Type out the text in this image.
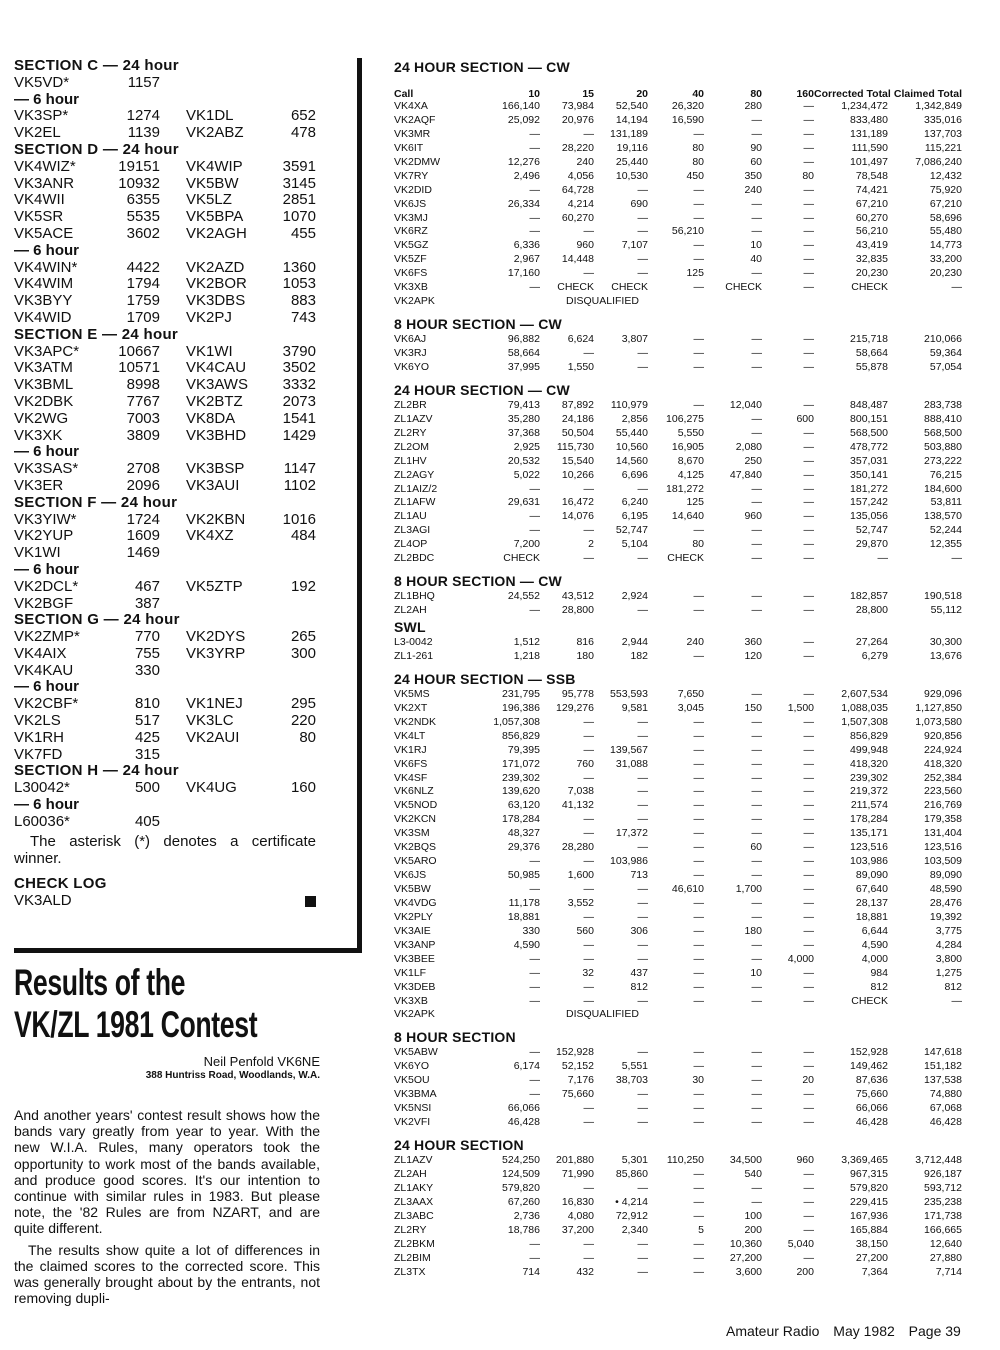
SECTION C — 24 hour
VK5VD*	1157
— 6 hour
VK3SP*	1274 VK1DL	652
VK2EL	1139 VK2ABZ	478
SECTION D — 24 hour
VK4WIZ*	19151 VK4WIP	3591
VK3ANR	10932 VK5BW	3145
VK4WII	6355 VK5LZ	2851
VK5SR	5535 VK5BPA	1070
VK5ACE	3602 VK2AGH	455
— 6 hour
VK4WIN*	4422 VK2AZD	1360
VK4WIM	1794 VK2BOR 1053
VK3BYY	1759 VK3DBS	883
VK4WID	1709 VK2PJ	743
SECTION E — 24 hour
VK3APC*	10667 VK1WI	3790
VK3ATM	10571 VK4CAU 3502
VK3BML	8998 VK3AWS 3332
VK2DBK	7767 VK2BTZ	2073
VK2WG	7003 VK8DA	1541
VK3XK	3809 VK3BHD 1429
— 6 hour
VK3SAS*	2708 VK3BSP	1147
VK3ER	2096 VK3AUI	1102
SECTION F — 24 hour
VK3YIW*	1724 VK2KBN 1016
VK2YUP	1609 VK4XZ	484
VK1WI	1469
— 6 hour
VK2DCL*	467 VK5ZTP	192
VK2BGF	387
SECTION G — 24 hour
VK2ZMP*	770 VK2DYS	265
VK4AIX	755 VK3YRP	300
VK4KAU	330
— 6 hour
VK2CBF*	810 VK1NEJ	295
VK2LS	517 VK3LC	220
VK1RH	425 VK2AUI	80
VK7FD	315
SECTION H — 24 hour
L30042*	500 VK4UG	160
— 6 hour
L60036*	405
The asterisk (*) denotes a certificate winner.
CHECK LOG
VK3ALD
Results of the
VK/ZL 1981 Contest
Neil Penfold VK6NE
388 Huntriss Road, Woodlands, W.A.

And another years' contest result shows how the bands vary greatly from year to year. With the new W.I.A. Rules, many operators took the opportunity to work most of the bands available, and produce good scores. It's our intention to continue with similar rules in 1983. But please note, the '82 Rules are from NZART, and are quite different.

The results show quite a lot of differences in the claimed scores to the corrected score. This was generally brought about by the entrants, not removing dupli-

24 HOUR SECTION — CW
Call	10	15	20	40	80	160 Corrected Total Claimed Total
VK4XA	166,140	73,984	52,540	26,320	280	—	1,234,472	1,342,849
VK2AQF	25,092	20,976	14,194	16,590	—	—	833,480	335,016
VK3MR	—	—	131,189	—	—	—	131,189	137,703
VK6IT	—	28,220	19,116	80	90	—	111,590	115,221
VK2DMW	12,276	240	25,440	80	60	—	101,497	7,086,240
VK7RY	2,496	4,056	10,530	450	350	80	78,548	12,432
VK2DID	—	64,728	—	—	240	—	74,421	75,920
VK6JS	26,334	4,214	690	—	—	—	67,210	67,210
VK3MJ	—	60,270	—	—	—	—	60,270	58,696
VK6RZ	—	—	—	56,210	—	—	56,210	55,480
VK5GZ	6,336	960	7,107	—	10	—	43,419	14,773
VK5ZF	2,967	14,448	—	—	40	—	32,835	33,200
VK6FS	17,160	—	—	125	—	—	20,230	20,230
VK3XB	—	CHECK	CHECK	—	CHECK	—	CHECK	—
VK2APK	DISQUALIFIED
8 HOUR SECTION — CW
VK6AJ	96,882	6,624	3,807	—	—	—	215,718	210,066
VK3RJ	58,664	—	—	—	—	—	58,664	59,364
VK6YO	37,995	1,550	—	—	—	—	55,878	57,054
24 HOUR SECTION — CW
ZL2BR	79,413	87,892	110,979	—	12,040	—	848,487	283,738
ZL1AZV	35,280	24,186	2,856	106,275	—	600	800,151	888,410
ZL2RY	37,368	50,504	55,440	5,550	—	—	568,500	568,500
ZL2OM	2,925	115,730	10,560	16,905	2,080	—	478,772	503,880
ZL1HV	20,532	15,540	14,560	8,670	250	—	357,031	273,222
ZL2AGY	5,022	10,266	6,696	4,125	47,840	—	350,141	76,215
ZL1AIZ/2	—	—	—	181,272	—	—	181,272	184,600
ZL1AFW	29,631	16,472	6,240	125	—	—	157,242	53,811
ZL1AU	—	14,076	6,195	14,640	960	—	135,056	138,570
ZL3AGI	—	—	52,747	—	—	—	52,747	52,244
ZL4OP	7,200	2	5,104	80	—	—	29,870	12,355
ZL2BDC	CHECK	—	—	CHECK	—	—	—	—
8 HOUR SECTION — CW
ZL1BHQ	24,552	43,512	2,924	—	—	—	182,857	190,518
ZL2AH	—	28,800	—	—	—	—	28,800	55,112
SWL
L3-0042	1,512	816	2,944	240	360	—	27,264	30,300
ZL1-261	1,218	180	182	—	120	—	6,279	13,676
24 HOUR SECTION — SSB
VK5MS	231,795	95,778	553,593	7,650	—	—	2,607,534	929,096
VK2XT	196,386	129,276	9,581	3,045	150	1,500	1,088,035	1,127,850
VK2NDK	1,057,308	—	—	—	—	—	1,507,308	1,073,580
VK4LT	856,829	—	—	—	—	—	856,829	920,856
VK1RJ	79,395	—	139,567	—	—	—	499,948	224,924
VK6FS	171,072	760	31,088	—	—	—	418,320	418,320
VK4SF	239,302	—	—	—	—	—	239,302	252,384
VK6NLZ	139,620	7,038	—	—	—	—	219,372	223,560
VK5NOD	63,120	41,132	—	—	—	—	211,574	216,769
VK2KCN	178,284	—	—	—	—	—	178,284	179,358
VK3SM	48,327	—	17,372	—	—	—	135,171	131,404
VK2BQS	29,376	28,280	—	—	60	—	123,516	123,516
VK5ARO	—	—	103,986	—	—	—	103,986	103,509
VK6JS	50,985	1,600	713	—	—	—	89,090	89,090
VK5BW	—	—	—	46,610	1,700	—	67,640	48,590
VK4VDG	11,178	3,552	—	—	—	—	28,137	28,476
VK2PLY	18,881	—	—	—	—	—	18,881	19,392
VK3AIE	330	560	306	—	180	—	6,644	3,775
VK3ANP	4,590	—	—	—	—	—	4,590	4,284
VK3BEE	—	—	—	—	—	4,000	4,000	3,800
VK1LF	—	32	437	—	10	—	984	1,275
VK3DEB	—	—	812	—	—	—	812	812
VK3XB	—	—	—	—	—	—	CHECK	—
VK2APK	DISQUALIFIED
8 HOUR SECTION
VK5ABW	—	152,928	—	—	—	—	152,928	147,618
VK6YO	6,174	52,152	5,551	—	—	—	149,462	151,182
VK5OU	—	7,176	38,703	30	—	20	87,636	137,538
VK3BMA	—	75,660	—	—	—	—	75,660	74,880
VK5NSI	66,066	—	—	—	—	—	66,066	67,068
VK2VFI	46,428	—	—	—	—	—	46,428	46,428
24 HOUR SECTION
ZL1AZV	524,250	201,880	5,301	110,250	34,500	960	3,369,465	3,712,448
ZL2AH	124,509	71,990	85,860	—	540	—	967,315	926,187
ZL1AKY	579,820	—	—	—	—	—	579,820	593,712
ZL3AAX	67,260	16,830	• 4,214	—	—	—	229,415	235,238
ZL3ABC	2,736	4,080	72,912	—	100	—	167,936	171,738
ZL2RY	18,786	37,200	2,340	5	200	—	165,884	166,665
ZL2BKM	—	—	—	—	10,360	5,040	38,150	12,640
ZL2BIM	—	—	—	—	27,200	—	27,200	27,880
ZL3TX	714	432	—	—	3,600	200	7,364	7,714
Amateur Radio May 1982 Page 39
